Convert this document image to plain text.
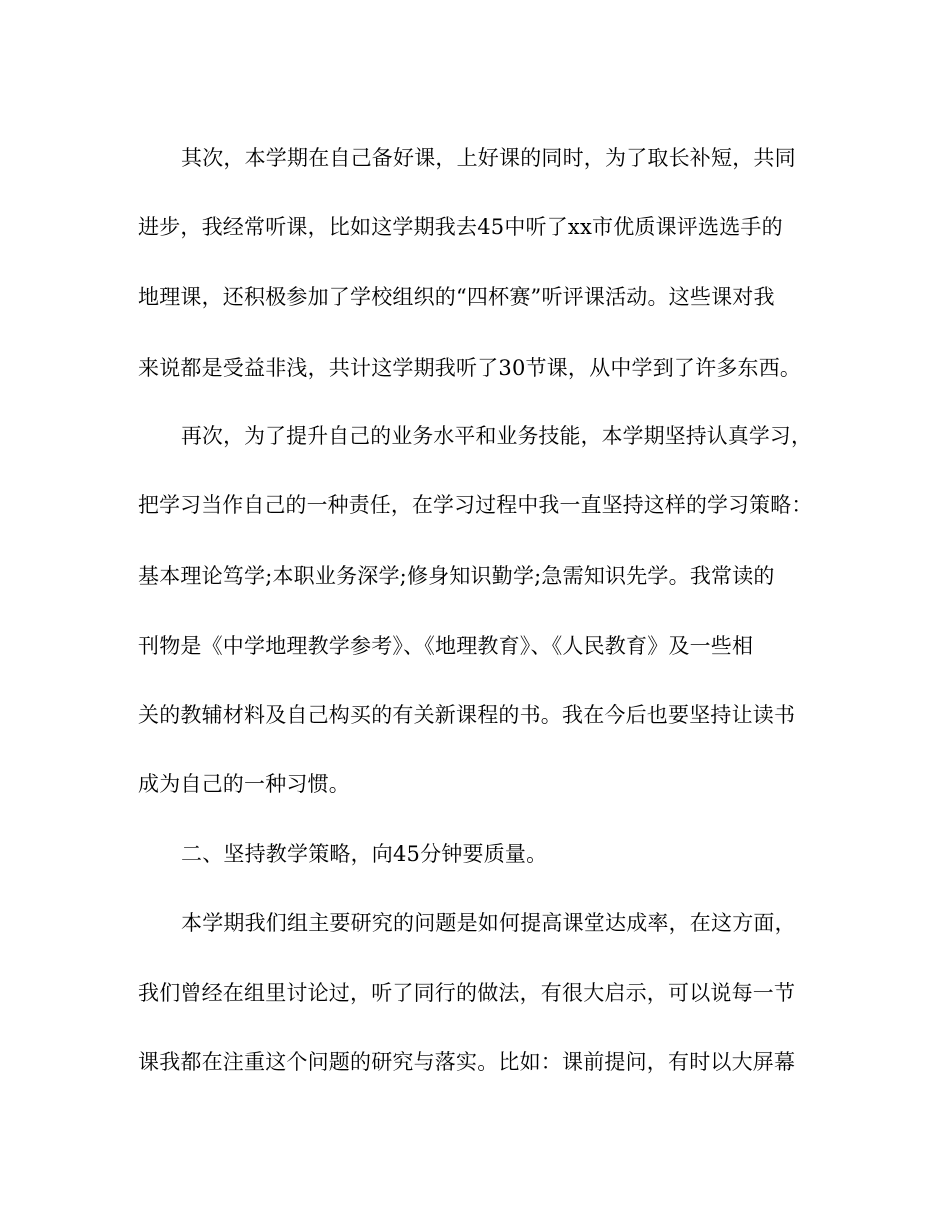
其次，本学期在自己备好课，上好课的同时，为了取长补短，共同
进步，我经常听课，比如这学期我去45中听了xx市优质课评选选手的
地理课，还积极参加了学校组织的“四杯赛”听评课活动。这些课对我
来说都是受益非浅，共计这学期我听了30节课，从中学到了许多东西。
再次，为了提升自己的业务水平和业务技能，本学期坚持认真学习，
把学习当作自己的一种责任，在学习过程中我一直坚持这样的学习策略：
基本理论笃学;本职业务深学;修身知识勤学;急需知识先学。我常读的
刊物是《中学地理教学参考》、《地理教育》、《人民教育》及一些相
关的教辅材料及自己构买的有关新课程的书。我在今后也要坚持让读书
成为自己的一种习惯。
二、坚持教学策略，向45分钟要质量。
本学期我们组主要研究的问题是如何提高课堂达成率，在这方面，
我们曾经在组里讨论过，听了同行的做法，有很大启示，可以说每一节
课我都在注重这个问题的研究与落实。比如：课前提问，有时以大屏幕
